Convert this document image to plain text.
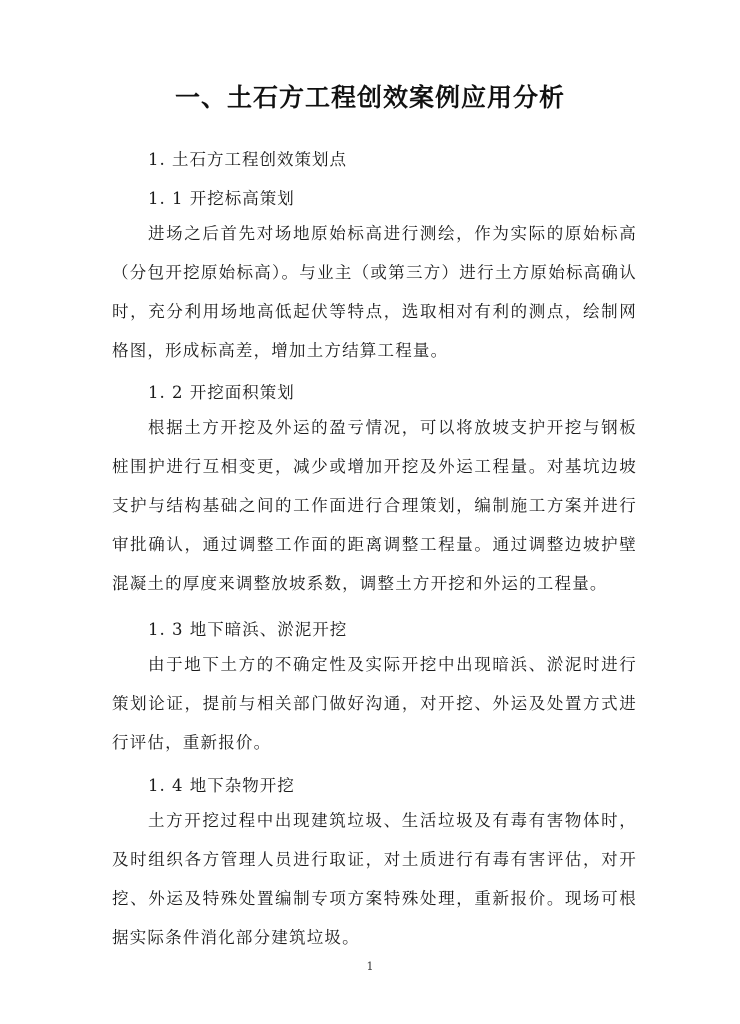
一、土石方工程创效案例应用分析
1. 土石方工程创效策划点
1. 1 开挖标高策划
进场之后首先对场地原始标高进行测绘，作为实际的原始标高（分包开挖原始标高）。与业主（或第三方）进行土方原始标高确认时，充分利用场地高低起伏等特点，选取相对有利的测点，绘制网格图，形成标高差，增加土方结算工程量。
1. 2 开挖面积策划
根据土方开挖及外运的盈亏情况，可以将放坡支护开挖与钢板桩围护进行互相变更，减少或增加开挖及外运工程量。对基坑边坡支护与结构基础之间的工作面进行合理策划，编制施工方案并进行审批确认，通过调整工作面的距离调整工程量。通过调整边坡护壁混凝土的厚度来调整放坡系数，调整土方开挖和外运的工程量。
1. 3 地下暗浜、淤泥开挖
由于地下土方的不确定性及实际开挖中出现暗浜、淤泥时进行策划论证，提前与相关部门做好沟通，对开挖、外运及处置方式进行评估，重新报价。
1. 4 地下杂物开挖
土方开挖过程中出现建筑垃圾、生活垃圾及有毒有害物体时，及时组织各方管理人员进行取证，对土质进行有毒有害评估，对开挖、外运及特殊处置编制专项方案特殊处理，重新报价。现场可根据实际条件消化部分建筑垃圾。
1
